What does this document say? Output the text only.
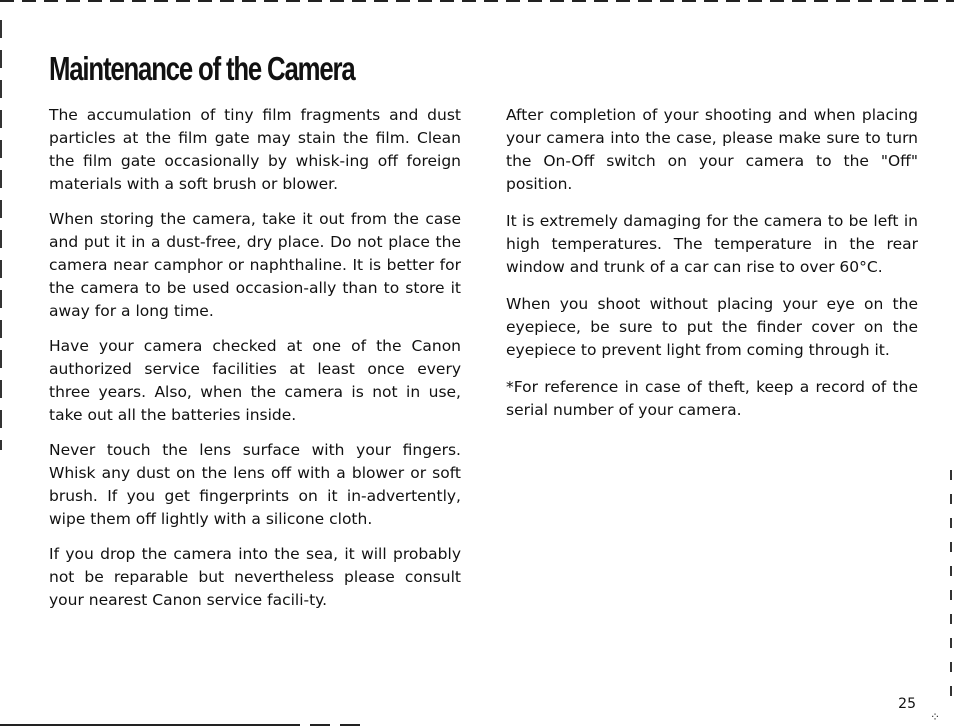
Maintenance of the Camera

The accumulation of tiny film fragments and dust particles at the film gate may stain the film. Clean the film gate occasionally by whisk-ing off foreign materials with a soft brush or blower.

When storing the camera, take it out from the case and put it in a dust-free, dry place. Do not place the camera near camphor or naphthaline. It is better for the camera to be used occasion-ally than to store it away for a long time.

Have your camera checked at one of the Canon authorized service facilities at least once every three years. Also, when the camera is not in use, take out all the batteries inside.

Never touch the lens surface with your fingers. Whisk any dust on the lens off with a blower or soft brush. If you get fingerprints on it in-advertently, wipe them off lightly with a silicone cloth.

If you drop the camera into the sea, it will probably not be reparable but nevertheless please consult your nearest Canon service facili-ty.

After completion of your shooting and when placing your camera into the case, please make sure to turn the On-Off switch on your camera to the "Off" position.

It is extremely damaging for the camera to be left in high temperatures. The temperature in the rear window and trunk of a car can rise to over 60°C.

When you shoot without placing your eye on the eyepiece, be sure to put the finder cover on the eyepiece to prevent light from coming through it.

*For reference in case of theft, keep a record of the serial number of your camera.

25
⁘
